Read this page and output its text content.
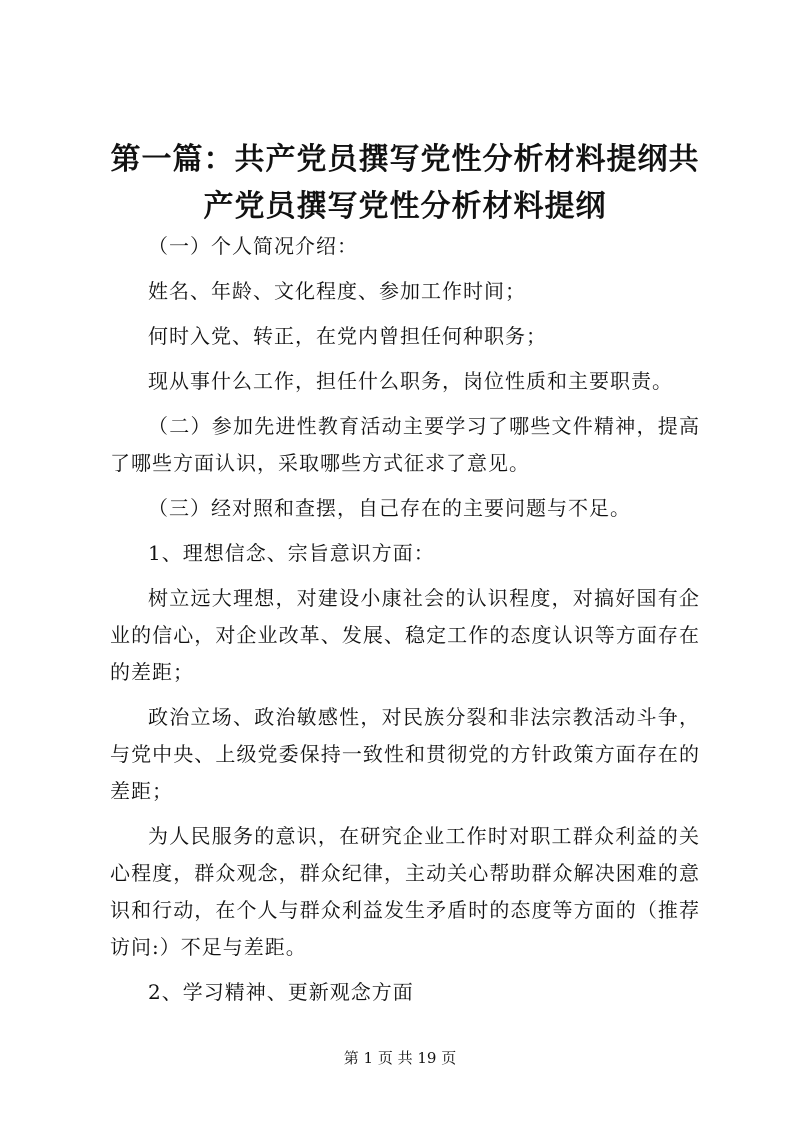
第一篇：共产党员撰写党性分析材料提纲共产党员撰写党性分析材料提纲

（一）个人简况介绍：

姓名、年龄、文化程度、参加工作时间；

何时入党、转正，在党内曾担任何种职务；

现从事什么工作，担任什么职务，岗位性质和主要职责。

（二）参加先进性教育活动主要学习了哪些文件精神，提高了哪些方面认识，采取哪些方式征求了意见。

（三）经对照和查摆，自己存在的主要问题与不足。

1、理想信念、宗旨意识方面：

树立远大理想，对建设小康社会的认识程度，对搞好国有企业的信心，对企业改革、发展、稳定工作的态度认识等方面存在的差距；

政治立场、政治敏感性，对民族分裂和非法宗教活动斗争，与党中央、上级党委保持一致性和贯彻党的方针政策方面存在的差距；

为人民服务的意识，在研究企业工作时对职工群众利益的关心程度，群众观念，群众纪律，主动关心帮助群众解决困难的意识和行动，在个人与群众利益发生矛盾时的态度等方面的（推荐访问:）不足与差距。

2、学习精神、更新观念方面

第 1 页 共 19 页
